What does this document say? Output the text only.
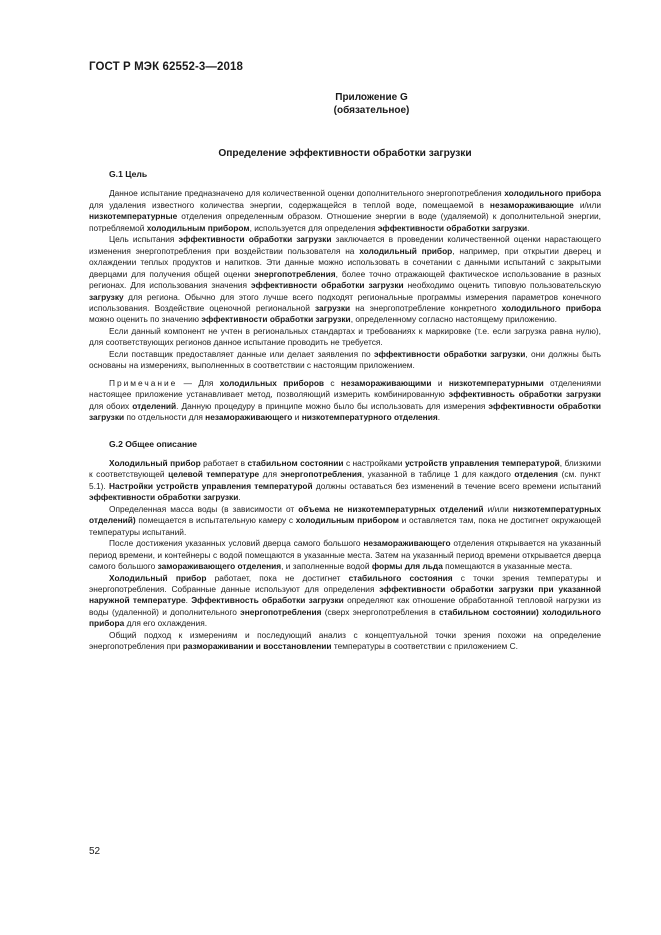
ГОСТ Р МЭК 62552-3—2018
Приложение G
(обязательное)
Определение эффективности обработки загрузки
G.1 Цель

Данное испытание предназначено для количественной оценки дополнительного энергопотребления холодильного прибора для удаления известного количества энергии, содержащейся в теплой воде, помещаемой в незамораживающие и/или низкотемпературные отделения определенным образом. Отношение энергии в воде (удаляемой) к дополнительной энергии, потребляемой холодильным прибором, используется для определения эффективности обработки загрузки.

Цель испытания эффективности обработки загрузки заключается в проведении количественной оценки нарастающего изменения энергопотребления при воздействии пользователя на холодильный прибор, например, при открытии дверец и охлаждении теплых продуктов и напитков. Эти данные можно использовать в сочетании с данными испытаний с закрытыми дверцами для получения общей оценки энергопотребления, более точно отражающей фактическое использование в разных регионах. Для использования значения эффективности обработки загрузки необходимо оценить типовую пользовательскую загрузку для региона. Обычно для этого лучше всего подходят региональные программы измерения параметров конечного использования. Воздействие оценочной региональной загрузки на энергопотребление конкретного холодильного прибора можно оценить по значению эффективности обработки загрузки, определенному согласно настоящему приложению.

Если данный компонент не учтен в региональных стандартах и требованиях к маркировке (т.е. если загрузка равна нулю), для соответствующих регионов данное испытание проводить не требуется.

Если поставщик предоставляет данные или делает заявления по эффективности обработки загрузки, они должны быть основаны на измерениях, выполненных в соответствии с настоящим приложением.

Примечание — Для холодильных приборов с незамораживающими и низкотемпературными отделениями настоящее приложение устанавливает метод, позволяющий измерить комбинированную эффективность обработки загрузки для обоих отделений. Данную процедуру в принципе можно было бы использовать для измерения эффективности обработки загрузки по отдельности для незамораживающего и низкотемпературного отделения.

G.2 Общее описание

Холодильный прибор работает в стабильном состоянии с настройками устройств управления температурой, близкими к соответствующей целевой температуре для энергопотребления, указанной в таблице 1 для каждого отделения (см. пункт 5.1). Настройки устройств управления температурой должны оставаться без изменений в течение всего времени испытаний эффективности обработки загрузки.

Определенная масса воды (в зависимости от объема не низкотемпературных отделений и/или низкотемпературных отделений) помещается в испытательную камеру с холодильным прибором и оставляется там, пока не достигнет окружающей температуры испытаний.

После достижения указанных условий дверца самого большого незамораживающего отделения открывается на указанный период времени, и контейнеры с водой помещаются в указанные места. Затем на указанный период времени открывается дверца самого большого замораживающего отделения, и заполненные водой формы для льда помещаются в указанные места.

Холодильный прибор работает, пока не достигнет стабильного состояния с точки зрения температуры и энергопотребления. Собранные данные используют для определения эффективности обработки загрузки при указанной наружной температуре. Эффективность обработки загрузки определяют как отношение обработанной тепловой нагрузки из воды (удаленной) и дополнительного энергопотребления (сверх энергопотребления в стабильном состоянии) холодильного прибора для его охлаждения.

Общий подход к измерениям и последующий анализ с концептуальной точки зрения похожи на определение энергопотребления при размораживании и восстановлении температуры в соответствии с приложением С.

52
